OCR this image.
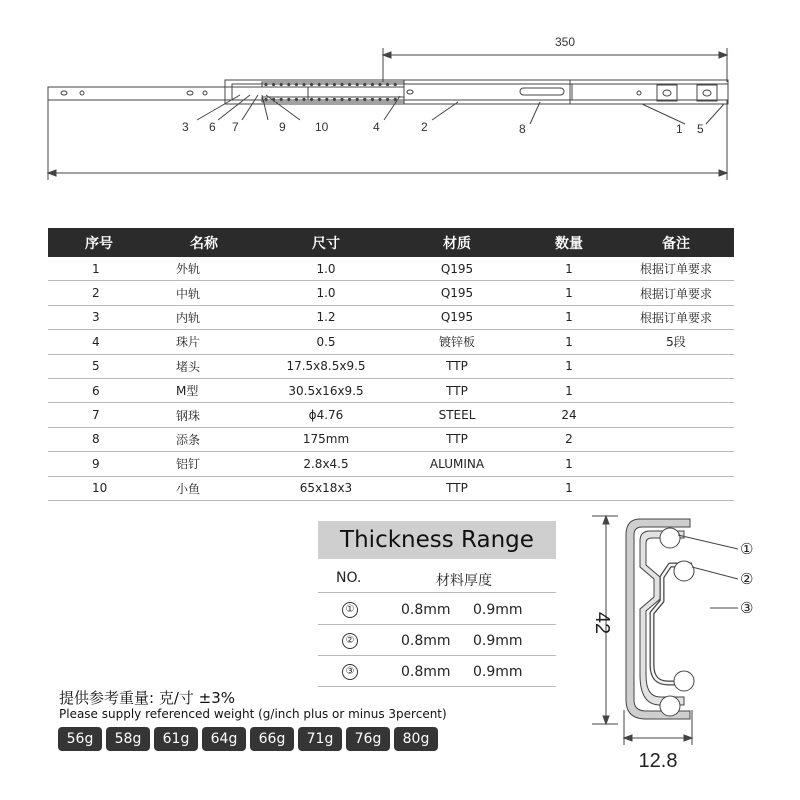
350
3 6 7	9 10	4	2	8	1 5
序号	名称	尺寸	材质	数量	备注
1	外轨	1.0	Q195	1	根据订单要求
2	中轨	1.0	Q195	1	根据订单要求
3	内轨	1.2	Q195	1	根据订单要求
4	珠片	0.5	镀锌板	1	5段
5	堵头	17.5x8.5x9.5	TTP	1	
6	M型	30.5x16x9.5	TTP	1	
7	钢珠	ϕ4.76	STEEL	24	
8	添条	175mm	TTP	2	
9	铝钉	2.8x4.5	ALUMINA	1	
10	小鱼	65x18x3	TTP	1	
Thickness Range
NO.	材料厚度
①	0.8mm 0.9mm
②	0.8mm 0.9mm
③	0.8mm 0.9mm
①
②
③
42
12.8
提供参考重量: 克/寸 ±3%
Please supply referenced weight (g/inch plus or minus 3percent)
56g	58g	61g	64g	66g	71g	76g	80g
